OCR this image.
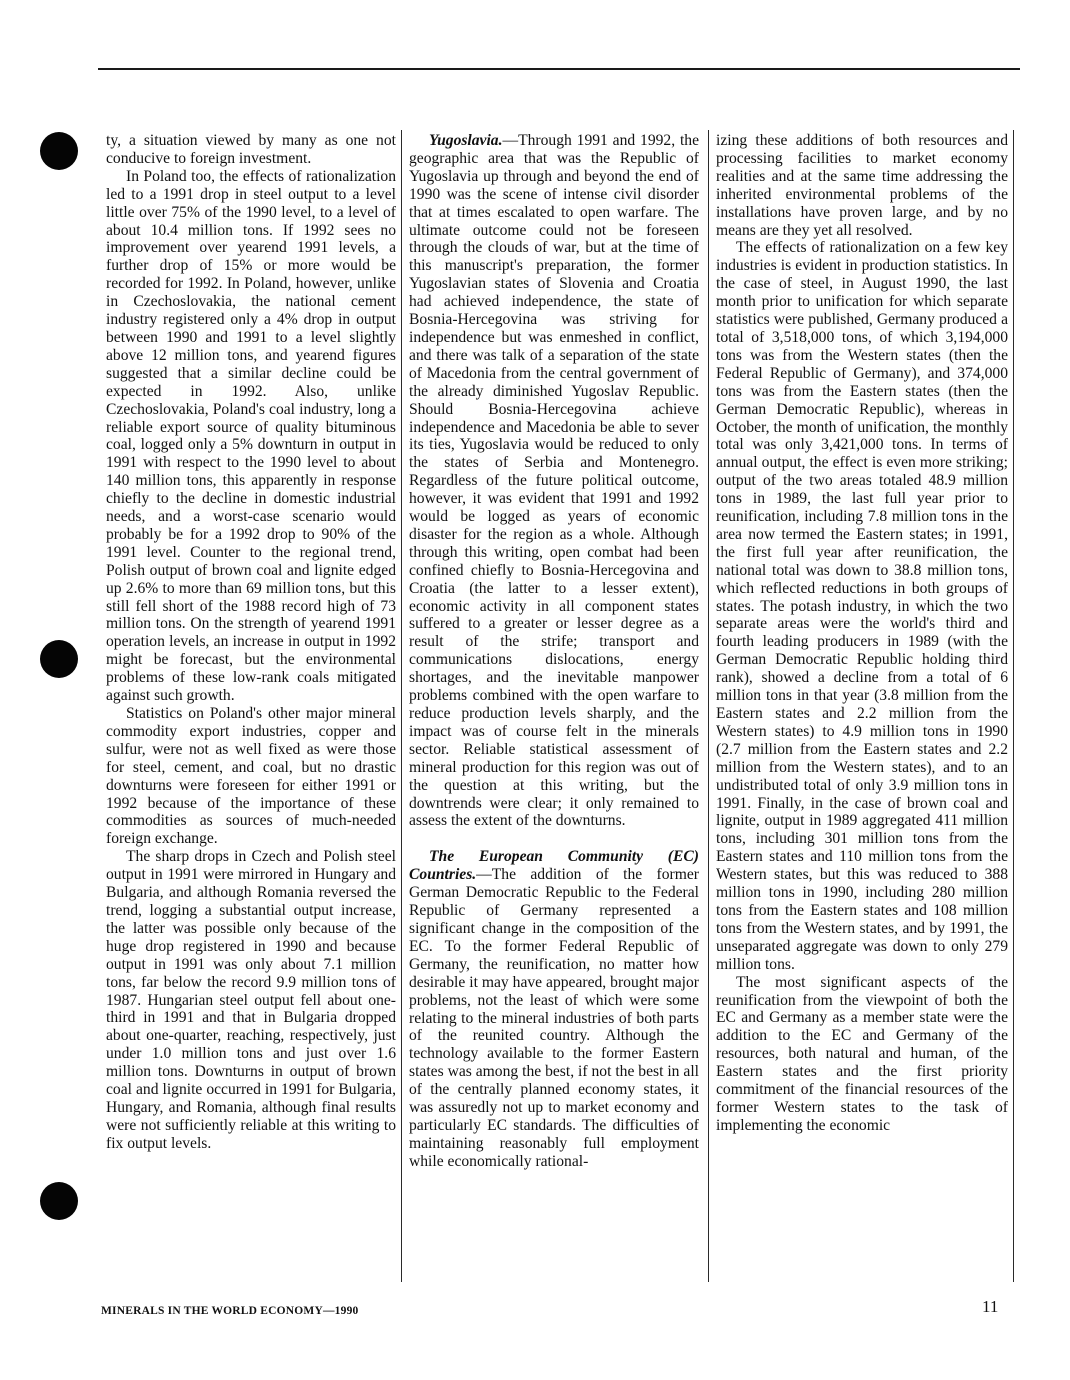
ty, a situation viewed by many as one not conducive to foreign investment.

In Poland too, the effects of rationalization led to a 1991 drop in steel output to a level little over 75% of the 1990 level, to a level of about 10.4 million tons. If 1992 sees no improvement over yearend 1991 levels, a further drop of 15% or more would be recorded for 1992. In Poland, however, unlike in Czechoslovakia, the national cement industry registered only a 4% drop in output between 1990 and 1991 to a level slightly above 12 million tons, and yearend figures suggested that a similar decline could be expected in 1992. Also, unlike Czechoslovakia, Poland's coal industry, long a reliable export source of quality bituminous coal, logged only a 5% downturn in output in 1991 with respect to the 1990 level to about 140 million tons, this apparently in response chiefly to the decline in domestic industrial needs, and a worst-case scenario would probably be for a 1992 drop to 90% of the 1991 level. Counter to the regional trend, Polish output of brown coal and lignite edged up 2.6% to more than 69 million tons, but this still fell short of the 1988 record high of 73 million tons. On the strength of yearend 1991 operation levels, an increase in output in 1992 might be forecast, but the environmental problems of these low-rank coals mitigated against such growth.

Statistics on Poland's other major mineral commodity export industries, copper and sulfur, were not as well fixed as were those for steel, cement, and coal, but no drastic downturns were foreseen for either 1991 or 1992 because of the importance of these commodities as sources of much-needed foreign exchange.

The sharp drops in Czech and Polish steel output in 1991 were mirrored in Hungary and Bulgaria, and although Romania reversed the trend, logging a substantial output increase, the latter was possible only because of the huge drop registered in 1990 and because output in 1991 was only about 7.1 million tons, far below the record 9.9 million tons of 1987. Hungarian steel output fell about one-third in 1991 and that in Bulgaria dropped about one-quarter, reaching, respectively, just under 1.0 million tons and just over 1.6 million tons. Downturns in output of brown coal and lignite occurred in 1991 for Bulgaria, Hungary, and Romania, although final results were not sufficiently reliable at this writing to fix output levels.

Yugoslavia.—Through 1991 and 1992, the geographic area that was the Republic of Yugoslavia up through and beyond the end of 1990 was the scene of intense civil disorder that at times escalated to open warfare. The ultimate outcome could not be foreseen through the clouds of war, but at the time of this manuscript's preparation, the former Yugoslavian states of Slovenia and Croatia had achieved independence, the state of Bosnia-Hercegovina was striving for independence but was enmeshed in conflict, and there was talk of a separation of the state of Macedonia from the central government of the already diminished Yugoslav Republic. Should Bosnia-Hercegovina achieve independence and Macedonia be able to sever its ties, Yugoslavia would be reduced to only the states of Serbia and Montenegro. Regardless of the future political outcome, however, it was evident that 1991 and 1992 would be logged as years of economic disaster for the region as a whole. Although through this writing, open combat had been confined chiefly to Bosnia-Hercegovina and Croatia (the latter to a lesser extent), economic activity in all component states suffered to a greater or lesser degree as a result of the strife; transport and communications dislocations, energy shortages, and the inevitable manpower problems combined with the open warfare to reduce production levels sharply, and the impact was of course felt in the minerals sector. Reliable statistical assessment of mineral production for this region was out of the question at this writing, but the downtrends were clear; it only remained to assess the extent of the downturns.

The European Community (EC) Countries.—The addition of the former German Democratic Republic to the Federal Republic of Germany represented a significant change in the composition of the EC. To the former Federal Republic of Germany, the reunification, no matter how desirable it may have appeared, brought major problems, not the least of which were some relating to the mineral industries of both parts of the reunited country. Although the technology available to the former Eastern states was among the best, if not the best in all of the centrally planned economy states, it was assuredly not up to market economy and particularly EC standards. The difficulties of maintaining reasonably full employment while economically rational-

izing these additions of both resources and processing facilities to market economy realities and at the same time addressing the inherited environmental problems of the installations have proven large, and by no means are they yet all resolved.

The effects of rationalization on a few key industries is evident in production statistics. In the case of steel, in August 1990, the last month prior to unification for which separate statistics were published, Germany produced a total of 3,518,000 tons, of which 3,194,000 tons was from the Western states (then the Federal Republic of Germany), and 374,000 tons was from the Eastern states (then the German Democratic Republic), whereas in October, the month of unification, the monthly total was only 3,421,000 tons. In terms of annual output, the effect is even more striking; output of the two areas totaled 48.9 million tons in 1989, the last full year prior to reunification, including 7.8 million tons in the area now termed the Eastern states; in 1991, the first full year after reunification, the national total was down to 38.8 million tons, which reflected reductions in both groups of states. The potash industry, in which the two separate areas were the world's third and fourth leading producers in 1989 (with the German Democratic Republic holding third rank), showed a decline from a total of 6 million tons in that year (3.8 million from the Eastern states and 2.2 million from the Western states) to 4.9 million tons in 1990 (2.7 million from the Eastern states and 2.2 million from the Western states), and to an undistributed total of only 3.9 million tons in 1991. Finally, in the case of brown coal and lignite, output in 1989 aggregated 411 million tons, including 301 million tons from the Eastern states and 110 million tons from the Western states, but this was reduced to 388 million tons in 1990, including 280 million tons from the Eastern states and 108 million tons from the Western states, and by 1991, the unseparated aggregate was down to only 279 million tons.

The most significant aspects of the reunification from the viewpoint of both the EC and Germany as a member state were the addition to the EC and Germany of the resources, both natural and human, of the Eastern states and the first priority commitment of the financial resources of the former Western states to the task of implementing the economic

MINERALS IN THE WORLD ECONOMY—1990	11
